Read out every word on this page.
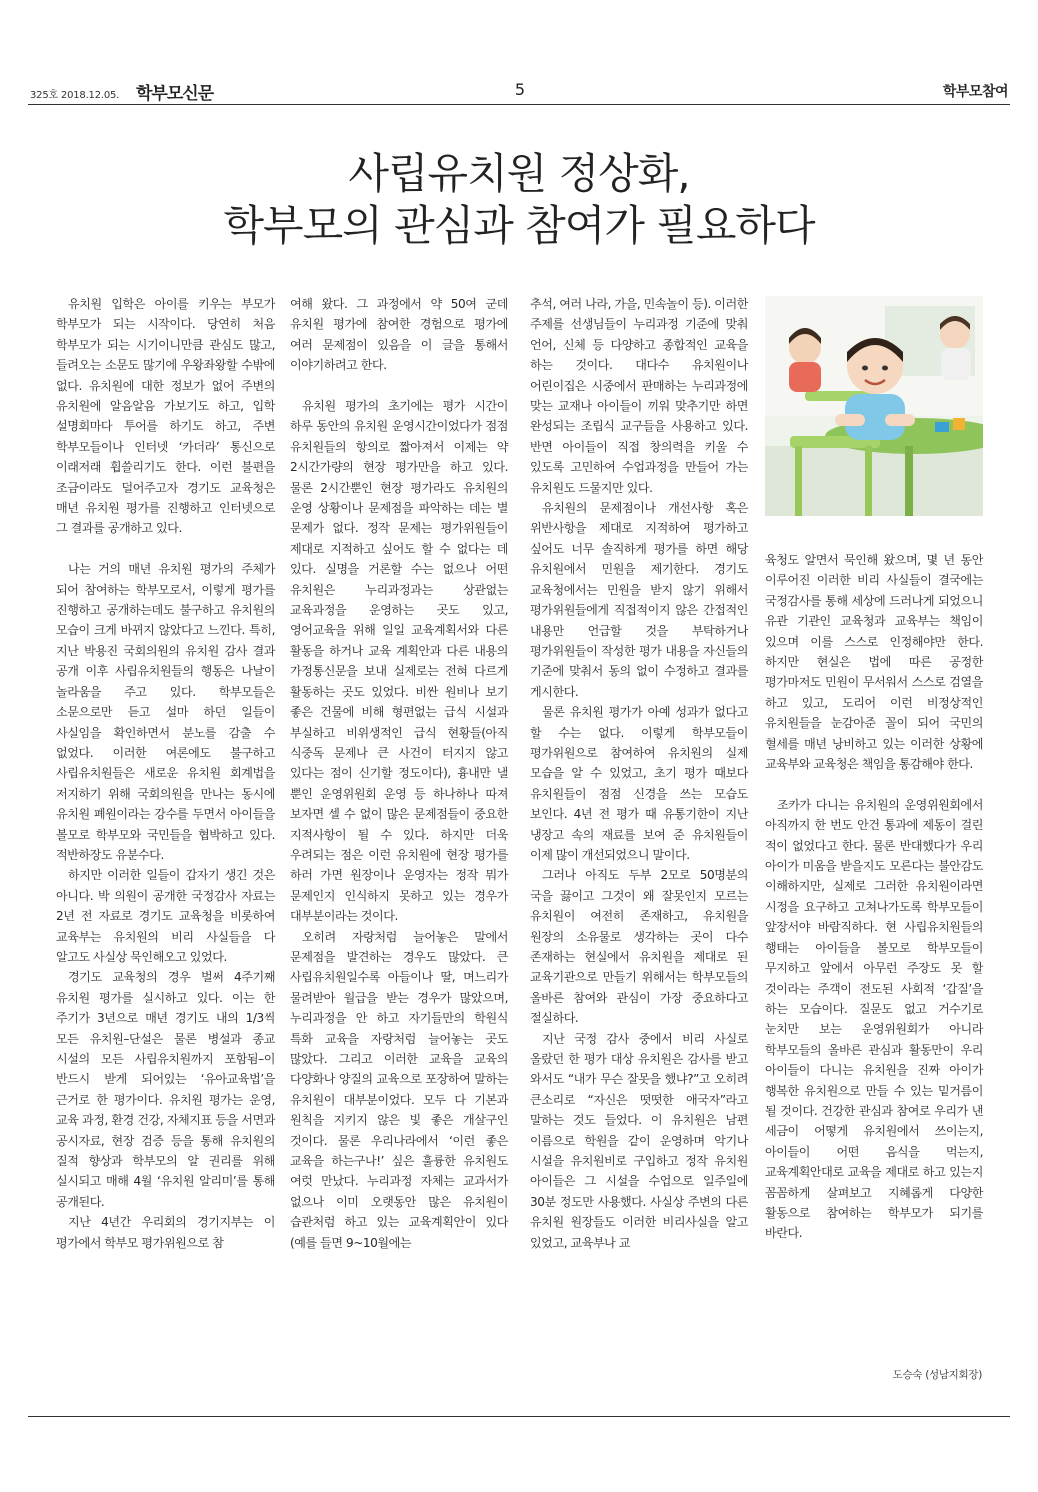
325호 2018.12.05. 학부모신문	5	학부모참여
사립유치원 정상화,
학부모의 관심과 참여가 필요하다

유치원 입학은 아이를 키우는 부모가 학부모가 되는 시작이다. 당연히 처음 학부모가 되는 시기이니만큼 관심도 많고, 들려오는 소문도 많기에 우왕좌왕할 수밖에 없다. 유치원에 대한 정보가 없어 주변의 유치원에 알음알음 가보기도 하고, 입학 설명회마다 투어를 하기도 하고, 주변 학부모들이나 인터넷 ‘카더라’ 통신으로 이래저래 휩쓸리기도 한다. 이런 불편을 조금이라도 덜어주고자 경기도 교육청은 매년 유치원 평가를 진행하고 인터넷으로 그 결과를 공개하고 있다.

나는 거의 매년 유치원 평가의 주체가 되어 참여하는 학부모로서, 이렇게 평가를 진행하고 공개하는데도 불구하고 유치원의 모습이 크게 바뀌지 않았다고 느낀다. 특히, 지난 박용진 국회의원의 유치원 감사 결과 공개 이후 사립유치원들의 행동은 나날이 놀라움을 주고 있다. 학부모들은 소문으로만 듣고 설마 하던 일들이 사실임을 확인하면서 분노를 감출 수 없었다. 이러한 여론에도 불구하고 사립유치원들은 새로운 유치원 회계법을 저지하기 위해 국회의원을 만나는 동시에 유치원 폐원이라는 강수를 두면서 아이들을 볼모로 학부모와 국민들을 협박하고 있다. 적반하장도 유분수다.

하지만 이러한 일들이 갑자기 생긴 것은 아니다. 박 의원이 공개한 국정감사 자료는 2년 전 자료로 경기도 교육청을 비롯하여 교육부는 유치원의 비리 사실들을 다 알고도 사실상 묵인해오고 있었다.

경기도 교육청의 경우 벌써 4주기째 유치원 평가를 실시하고 있다. 이는 한 주기가 3년으로 매년 경기도 내의 1/3씩 모든 유치원–단설은 물론 병설과 종교 시설의 모든 사립유치원까지 포함됨–이 반드시 받게 되어있는 ‘유아교육법’을 근거로 한 평가이다. 유치원 평가는 운영, 교육 과정, 환경 건강, 자체지표 등을 서면과 공시자료, 현장 검증 등을 통해 유치원의 질적 향상과 학부모의 알 권리를 위해 실시되고 매해 4월 ‘유치원 알리미’를 통해 공개된다.

지난 4년간 우리회의 경기지부는 이 평가에서 학부모 평가위원으로 참

여해 왔다. 그 과정에서 약 50여 군데 유치원 평가에 참여한 경험으로 평가에 여러 문제점이 있음을 이 글을 통해서 이야기하려고 한다.

유치원 평가의 초기에는 평가 시간이 하루 동안의 유치원 운영시간이었다가 점점 유치원들의 항의로 짧아져서 이제는 약 2시간가량의 현장 평가만을 하고 있다. 물론 2시간뿐인 현장 평가라도 유치원의 운영 상황이나 문제점을 파악하는 데는 별 문제가 없다. 정작 문제는 평가위원들이 제대로 지적하고 싶어도 할 수 없다는 데 있다. 실명을 거론할 수는 없으나 어떤 유치원은 누리과정과는 상관없는 교육과정을 운영하는 곳도 있고, 영어교육을 위해 일일 교육계획서와 다른 활동을 하거나 교육 계획안과 다른 내용의 가정통신문을 보내 실제로는 전혀 다르게 활동하는 곳도 있었다. 비싼 원비나 보기 좋은 건물에 비해 형편없는 급식 시설과 부실하고 비위생적인 급식 현황들(아직 식중독 문제나 큰 사건이 터지지 않고 있다는 점이 신기할 정도이다), 흉내만 낼 뿐인 운영위원회 운영 등 하나하나 따져 보자면 셀 수 없이 많은 문제점들이 중요한 지적사항이 될 수 있다. 하지만 더욱 우려되는 점은 이런 유치원에 현장 평가를 하러 가면 원장이나 운영자는 정작 뭐가 문제인지 인식하지 못하고 있는 경우가 대부분이라는 것이다.

오히려 자랑처럼 늘어놓은 말에서 문제점을 발견하는 경우도 많았다. 큰 사립유치원일수록 아들이나 딸, 며느리가 물려받아 월급을 받는 경우가 많았으며, 누리과정을 안 하고 자기들만의 학원식 특화 교육을 자랑처럼 늘어놓는 곳도 많았다. 그리고 이러한 교육을 교육의 다양화나 양질의 교육으로 포장하여 말하는 유치원이 대부분이었다. 모두 다 기본과 원칙을 지키지 않은 빛 좋은 개살구인 것이다. 물론 우리나라에서 ‘이런 좋은 교육을 하는구나!’ 싶은 훌륭한 유치원도 여럿 만났다. 누리과정 자체는 교과서가 없으나 이미 오랫동안 많은 유치원이 습관처럼 하고 있는 교육계획안이 있다(예를 들면 9~10월에는

추석, 여러 나라, 가을, 민속놀이 등). 이러한 주제를 선생님들이 누리과정 기준에 맞춰 언어, 신체 등 다양하고 종합적인 교육을 하는 것이다. 대다수 유치원이나 어린이집은 시중에서 판매하는 누리과정에 맞는 교재나 아이들이 끼워 맞추기만 하면 완성되는 조립식 교구들을 사용하고 있다. 반면 아이들이 직접 창의력을 키울 수 있도록 고민하여 수업과정을 만들어 가는 유치원도 드물지만 있다.

유치원의 문제점이나 개선사항 혹은 위반사항을 제대로 지적하여 평가하고 싶어도 너무 솔직하게 평가를 하면 해당 유치원에서 민원을 제기한다. 경기도 교육청에서는 민원을 받지 않기 위해서 평가위원들에게 직접적이지 않은 간접적인 내용만 언급할 것을 부탁하거나 평가위원들이 작성한 평가 내용을 자신들의 기준에 맞춰서 동의 없이 수정하고 결과를 게시한다.

물론 유치원 평가가 아예 성과가 없다고 할 수는 없다. 이렇게 학부모들이 평가위원으로 참여하여 유치원의 실제 모습을 알 수 있었고, 초기 평가 때보다 유치원들이 점점 신경을 쓰는 모습도 보인다. 4년 전 평가 때 유통기한이 지난 냉장고 속의 재료를 보여 준 유치원들이 이제 많이 개선되었으니 말이다.

그러나 아직도 두부 2모로 50명분의 국을 끓이고 그것이 왜 잘못인지 모르는 유치원이 여전히 존재하고, 유치원을 원장의 소유물로 생각하는 곳이 다수 존재하는 현실에서 유치원을 제대로 된 교육기관으로 만들기 위해서는 학부모들의 올바른 참여와 관심이 가장 중요하다고 절실하다.

지난 국정 감사 중에서 비리 사실로 올랐던 한 평가 대상 유치원은 감사를 받고 와서도 “내가 무슨 잘못을 했냐?”고 오히려 큰소리로 “자신은 떳떳한 애국자”라고 말하는 것도 들었다. 이 유치원은 남편 이름으로 학원을 같이 운영하며 악기나 시설을 유치원비로 구입하고 정작 유치원 아이들은 그 시설을 수업으로 일주일에 30분 정도만 사용했다. 사실상 주변의 다른 유치원 원장들도 이러한 비리사실을 알고 있었고, 교육부나 교

육청도 알면서 묵인해 왔으며, 몇 년 동안 이루어진 이러한 비리 사실들이 결국에는 국정감사를 통해 세상에 드러나게 되었으니 유관 기관인 교육청과 교육부는 책임이 있으며 이를 스스로 인정해야만 한다. 하지만 현실은 법에 따른 공정한 평가마저도 민원이 무서워서 스스로 검열을 하고 있고, 도리어 이런 비정상적인 유치원들을 눈감아준 꼴이 되어 국민의 혈세를 매년 낭비하고 있는 이러한 상황에 교육부와 교육청은 책임을 통감해야 한다.

조카가 다니는 유치원의 운영위원회에서 아직까지 한 번도 안건 통과에 제동이 걸린 적이 없었다고 한다. 물론 반대했다가 우리 아이가 미움을 받을지도 모른다는 불안감도 이해하지만, 실제로 그러한 유치원이라면 시정을 요구하고 고쳐나가도록 학부모들이 앞장서야 바람직하다. 현 사립유치원들의 행태는 아이들을 볼모로 학부모들이 무지하고 앞에서 아무런 주장도 못 할 것이라는 주객이 전도된 사회적 ‘갑질’을 하는 모습이다. 질문도 없고 거수기로 눈치만 보는 운영위원회가 아니라 학부모들의 올바른 관심과 활동만이 우리 아이들이 다니는 유치원을 진짜 아이가 행복한 유치원으로 만들 수 있는 밑거름이 될 것이다. 건강한 관심과 참여로 우리가 낸 세금이 어떻게 유치원에서 쓰이는지, 아이들이 어떤 음식을 먹는지, 교육계획안대로 교육을 제대로 하고 있는지 꼼꼼하게 살펴보고 지혜롭게 다양한 활동으로 참여하는 학부모가 되기를 바란다.

도승숙 (성남지회장)
